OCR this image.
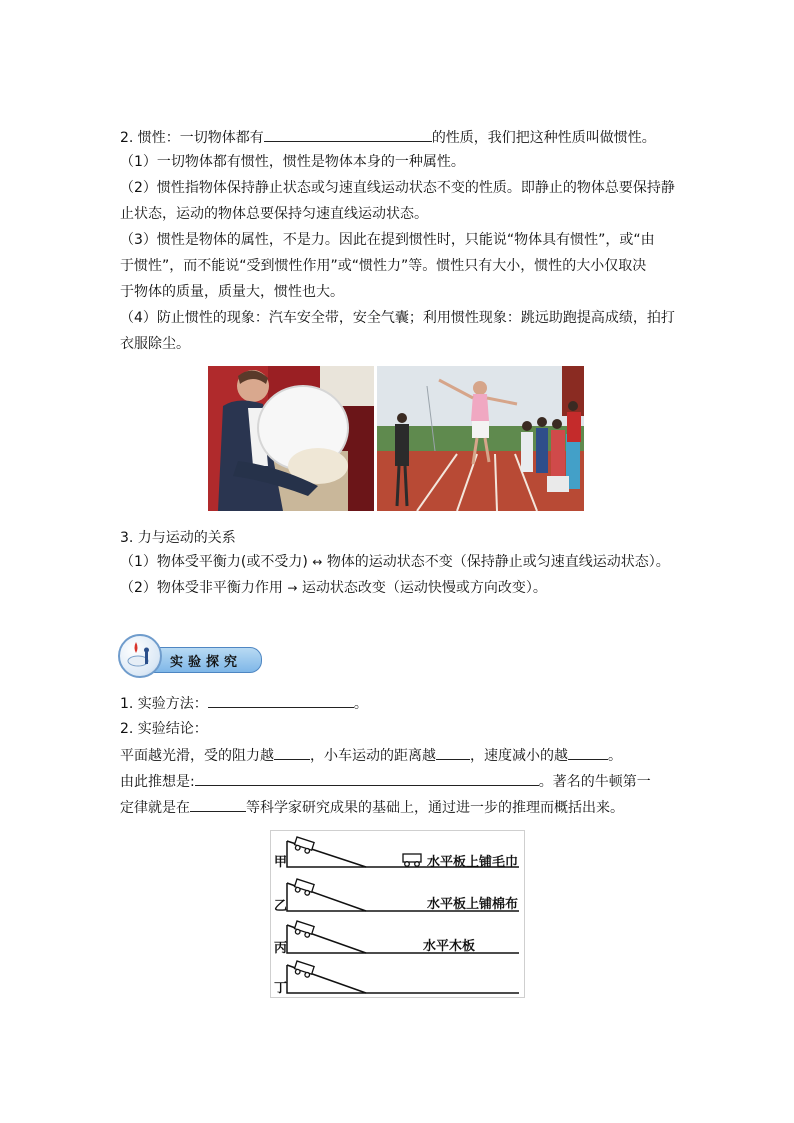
2. 惯性：一切物体都有	的性质，我们把这种性质叫做惯性。
（1）一切物体都有惯性，惯性是物体本身的一种属性。
（2）惯性指物体保持静止状态或匀速直线运动状态不变的性质。即静止的物体总要保持静
止状态，运动的物体总要保持匀速直线运动状态。
（3）惯性是物体的属性，不是力。因此在提到惯性时，只能说“物体具有惯性”，或“由
于惯性”，而不能说“受到惯性作用”或“惯性力”等。惯性只有大小，惯性的大小仅取决
于物体的质量，质量大，惯性也大。
（4）防止惯性的现象：汽车安全带，安全气囊；利用惯性现象：跳远助跑提高成绩，拍打
衣服除尘。
3. 力与运动的关系
（1）物体受平衡力(或不受力) ↔ 物体的运动状态不变（保持静止或匀速直线运动状态）。
（2）物体受非平衡力作用 → 运动状态改变（运动快慢或方向改变）。
实验探究
1. 实验方法：	。
2. 实验结论：
平面越光滑，受的阻力越	，小车运动的距离越 ，速度减小的越	。
由此推想是:	。著名的牛顿第一
定律就是在	等科学家研究成果的基础上，通过进一步的推理而概括出来。
甲
乙
丙
丁
水平板上铺毛巾
水平板上铺棉布
水平木板
